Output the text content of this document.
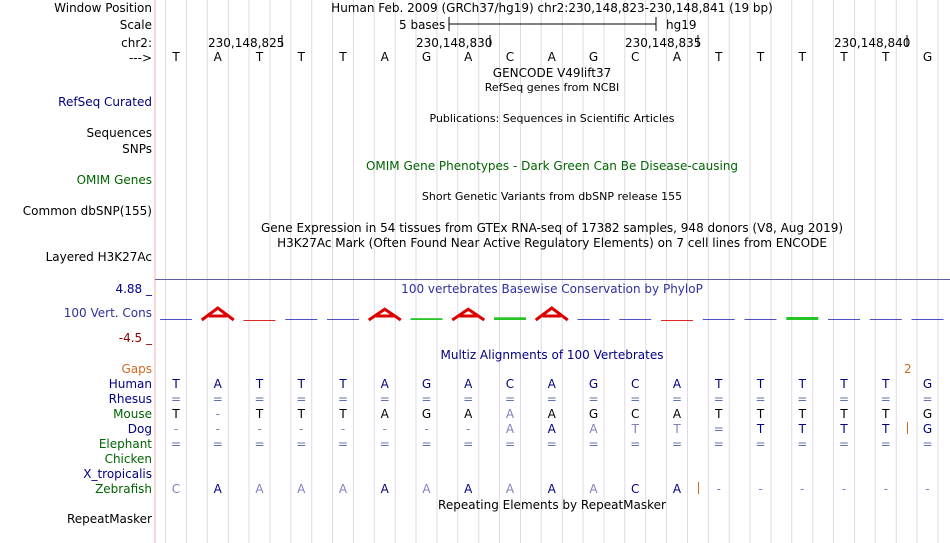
Window Position	Human Feb. 2009 (GRCh37/hg19) chr2:230,148,823-230,148,841 (19 bp)
Scale	5 bases	hg19
chr2:	230,148,825	230,148,830	230,148,835	230,148,840
---> T	A	T	T	T	A	G	A	C	A	G	C	A	T	T	T	T	T	G
GENCODE V49lift37
RefSeq genes from NCBI
RefSeq Curated
Publications: Sequences in Scientific Articles
Sequences
SNPs
OMIM Gene Phenotypes - Dark Green Can Be Disease-causing
OMIM Genes
Short Genetic Variants from dbSNP release 155
Common dbSNP(155)
Gene Expression in 54 tissues from GTEx RNA-seq of 17382 samples, 948 donors (V8, Aug 2019)
H3K27Ac Mark (Often Found Near Active Regulatory Elements) on 7 cell lines from ENCODE
Layered H3K27Ac
4.88 _	100 vertebrates Basewise Conservation by PhyloP
100 Vert. Cons
-4.5 _
Multiz Alignments of 100 Vertebrates
Gaps	2
Human T	A	T	T	T	A	G	A	C	A	G	C	A	T	T	T	T	T	G
Rhesus =	=	=	=	=	=	=	=	=	=	=	=	=	=	=	=	=	=	=
Mouse T	-	T	T	T	A	G	A	A	A	G	C	A	T	T	T	T	T	G
Dog	-	-	-	-	-	-	-	-	A	A	A	T	T	=	T	T	T	T	G
Elephant =	=	=	=	=	=	=	=	=	=	=	=	=	=	=	=	=	=	=
Chicken
X_tropicalis
Zebrafish C	A	A	A	A	A	A	A	A	A	A	C	A	-	-	-	-	-	-
Repeating Elements by RepeatMasker
RepeatMasker
